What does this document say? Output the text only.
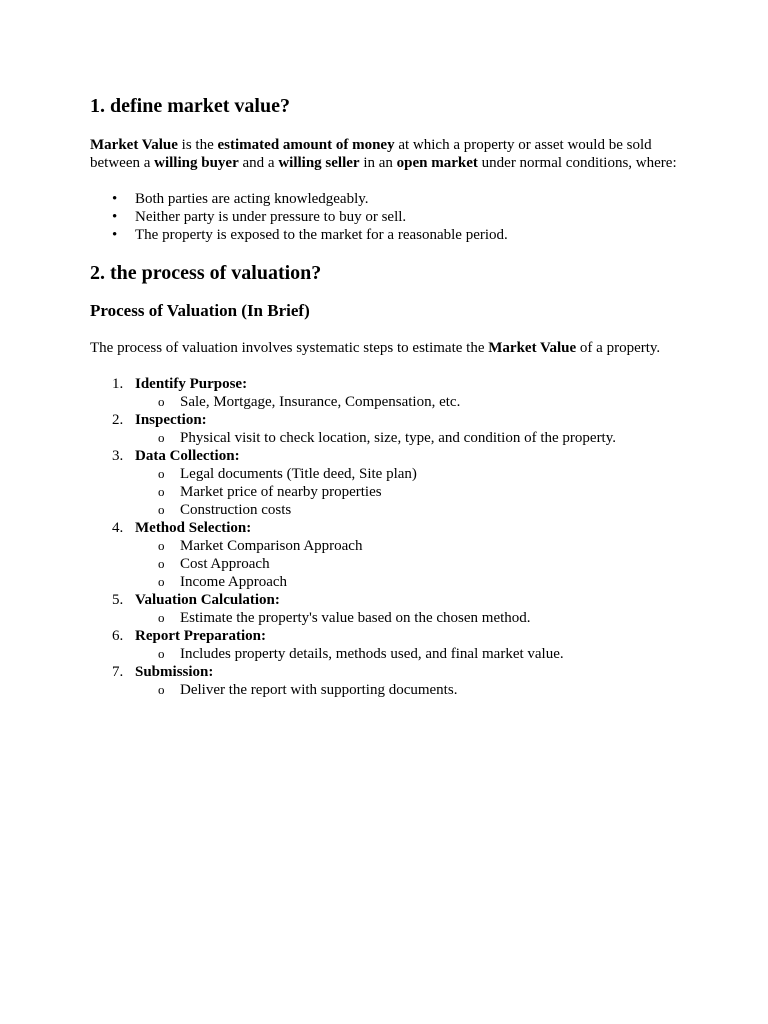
1. define market value?

Market Value is the estimated amount of money at which a property or asset would be sold between a willing buyer and a willing seller in an open market under normal conditions, where:

• Both parties are acting knowledgeably.
• Neither party is under pressure to buy or sell.
• The property is exposed to the market for a reasonable period.
2. the process of valuation?
Process of Valuation (In Brief)

The process of valuation involves systematic steps to estimate the Market Value of a property.

1. Identify Purpose:
o Sale, Mortgage, Insurance, Compensation, etc.
2. Inspection:
o Physical visit to check location, size, type, and condition of the property.
3. Data Collection:
o Legal documents (Title deed, Site plan)
o Market price of nearby properties
o Construction costs
4. Method Selection:
o Market Comparison Approach
o Cost Approach
o Income Approach
5. Valuation Calculation:
o Estimate the property's value based on the chosen method.
6. Report Preparation:
o Includes property details, methods used, and final market value.
7. Submission:
o Deliver the report with supporting documents.
